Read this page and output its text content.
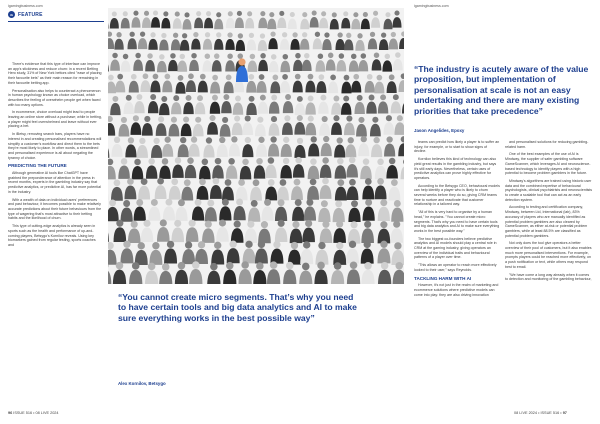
igamingbusiness.com
iG FEATURE

There's evidence that this type of interface can improve an app's stickiness and reduce churn: in a recent Betting Hero study, 31% of New York bettors cited "ease of placing their favourite bets" as their main reason for remaining in their favourite betting app.

Personalisation also helps to counteract a phenomenon in human psychology known as choice overload, which describes the feeling of overwhelm people get when faced with too many options.

In ecommerce, choice overload might lead to people leaving an online store without a purchase; while in betting, a player might feel overwhelmed and leave without ever placing a bet.

In iBetsy, removing search bars, players have no interest in and creating personalised recommendations will simplify a customer's workflow and direct them to the bets they're most likely to place. In other words, a streamlined and personalised experience is all about negating the tyranny of choice.

PREDICTING THE FUTURE

Although generative AI tools like ChatGPT have grabbed the preponderance of attention in the press in recent months, experts in the gambling industry say that predictive analytics, or predictive AI, has far more potential in the industry.

With a wealth of data on individual users' preferences and past behaviour, it becomes possible to make relatively accurate predictions about their future behaviours from the type of wagering that's most attractive to their betting habits and the likelihood of churn.

This type of cutting-edge analytics is already seen in sports such as the health and performance of up-and-coming players, Betsygo's Kornilov reveals. Using key biomarkers gained from regular testing, sports coaches and

“You cannot create micro segments. That’s why you need to have certain tools and big data analytics and AI to make sure everything works in the best possible way”
Alex Kornilov, Betsygo
96 ISSUE 516 • 08 LIVE 2024
igamingbusiness.com
“The industry is acutely aware of the value proposition, but implementation of personalisation at scale is not an easy undertaking and there are many existing priorities that take precedence”
Jason Angelides, Epoxy

teams can predict how likely a player is to suffer an injury, for example, or to start to show signs of decline.

Kornilov believes this kind of technology can also yield great results in the gambling industry, but says it's still early days. Nevertheless, certain uses of predictive analytics can prove highly effective for operators.

According to the Betsygo CEO, behavioural models can help identify a player who is likely to churn several weeks before they do so, giving CRM teams time to nurture and reactivate that customer relationship in a tailored way.

"All of this is very hard to organise by a human head," he explains. "You cannot create micro segments. That's why you need to have certain tools and big data analytics and AI to make sure everything works in the best possible way."

The two biggest co-founders believe predictive analytics and AI models should play a central role in CRM at the gaming industry, giving operators an overview of the individual traits and behavioural patterns of a player over time.

"This allows an operator to reach more effectively looked to their user," says Reynolds.

TACKLING HARM WITH AI

However, it's not just in the realm of marketing and ecommerce solutions where predictive models can come into play: they are also driving innovation

and personalised solutions for reducing gambling-related harm.

One of the best examples of the use of AI is Mindway, the supplier of safer gambling software GameScanner, which leverages AI and neuroscience-based technology to identify players with a high potential to become problem gamblers in the future.

Mindway's algorithms are trained using historic user data and the combined expertise of behavioural psychologists, clinical psychiatrists and neuroscientists to create a scalable tool that can act as an early detection system.

According to testing and certification company, Mindway, between Ltd, International (lab), 83% accuracy of players who are manually identified as potential problem gamblers are also cleared by GameScanner, as either at-risk or potential problem gamblers, while at least 88.5% are classified as potential problem gamblers.

Not only does the tool give operators a better overview of their pool of customers, but it also enables much more personalised interventions. For example, prompts players could be reached more effectively, on a push notification or text, while others may respond best to email.

"We have come a long way already when it comes to detection and monitoring of the gambling behaviour,

08 LIVE 2024 • ISSUE 516 • 97
